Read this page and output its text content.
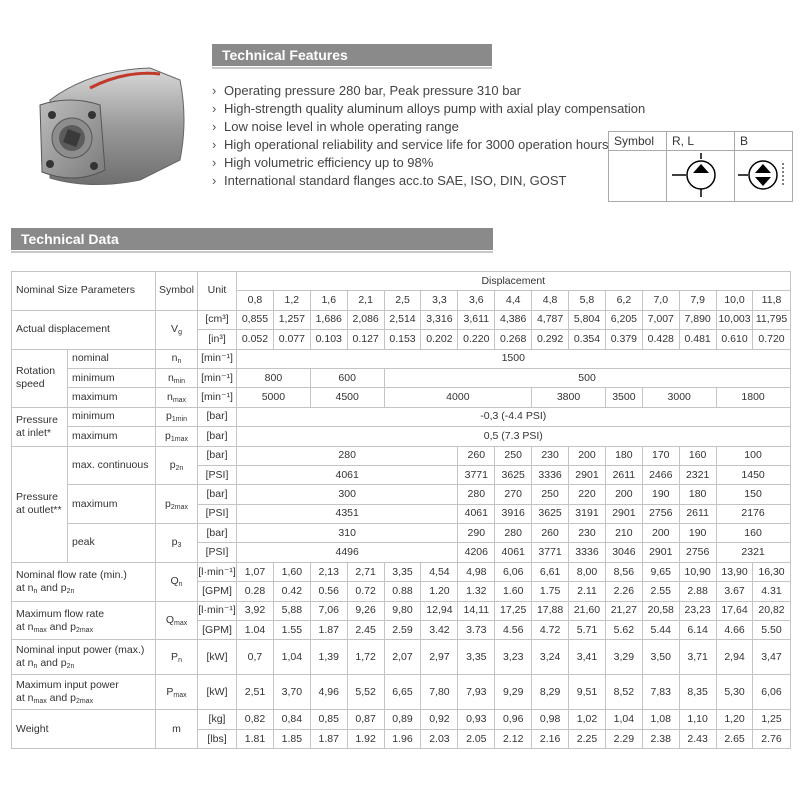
Technical Features
› Operating pressure 280 bar, Peak pressure 310 bar
› High-strength quality aluminum alloys pump with axial play compensation
› Low noise level in whole operating range
› High operational reliability and service life for 3000 operation hours
› High volumetric efficiency up to 98%
› International standard flanges acc.to SAE, ISO, DIN, GOST
Symbol	R, L	B

Technical Data
Nominal Size Parameters		Symbol	Unit	Displacement														
				0,8	1,2	1,6	2,1	2,5	3,3	3,6	4,4	4,8	5,8	6,2	7,0	7,9	10,0	11,8
Actual displacement		$V_g$	[cm³]	0,855	1,257	1,686	2,086	2,514	3,316	3,611	4,386	4,787	5,804	6,205	7,007	7,890	10,003	11,795
			[in³]	0.052	0.077	0.103	0.127	0.153	0.202	0.220	0.268	0.292	0.354	0.379	0.428	0.481	0.610	0.720
Rotation speed	nominal	$n_n$	[min⁻¹]	1500														
	minimum	$n_{min}$	[min⁻¹]	800		600		500										
	maximum	$n_{max}$	[min⁻¹]	5000		4500		4000				3800		3500	3000		1800	
Pressure at inlet*	minimum	$p_{1min}$	[bar]	-0,3 (-4.4 PSI)														
	maximum	$p_{1max}$	[bar]	0,5 (7.3 PSI)														
Pressure at outlet**	max. continuous	$p_{2n}$	[bar]	280						260	250	230	200	180	170	160	100	
			[PSI]	4061						3771	3625	3336	2901	2611	2466	2321	1450	
	maximum	$p_{2max}$	[bar]	300						280	270	250	220	200	190	180	150	
			[PSI]	4351						4061	3916	3625	3191	2901	2756	2611	2176	
	peak	$p_3$	[bar]	310						290	280	260	230	210	200	190	160	
			[PSI]	4496						4206	4061	3771	3336	3046	2901	2756	2321	
Nominal flow rate (min.)
at $n_n$ and $p_{2n}$		$Q_n$	[l·min⁻¹]	1,07	1,60	2,13	2,71	3,35	4,54	4,98	6,06	6,61	8,00	8,56	9,65	10,90	13,90	16,30
			[GPM]	0.28	0.42	0.56	0.72	0.88	1.20	1.32	1.60	1.75	2.11	2.26	2.55	2.88	3.67	4.31
Maximum flow rate
at $n_{max}$ and $p_{2max}$		$Q_{max}$	[l·min⁻¹]	3,92	5,88	7,06	9,26	9,80	12,94	14,11	17,25	17,88	21,60	21,27	20,58	23,23	17,64	20,82
			[GPM]	1.04	1.55	1.87	2.45	2.59	3.42	3.73	4.56	4.72	5.71	5.62	5.44	6.14	4.66	5.50
Nominal input power (max.)
at $n_n$ and $p_{2n}$		$P_n$	[kW]	0,7	1,04	1,39	1,72	2,07	2,97	3,35	3,23	3,24	3,41	3,29	3,50	3,71	2,94	3,47
Maximum input power
at $n_{max}$ and $p_{2max}$		$P_{max}$	[kW]	2,51	3,70	4,96	5,52	6,65	7,80	7,93	9,29	8,29	9,51	8,52	7,83	8,35	5,30	6,06
Weight		m	[kg]	0,82	0,84	0,85	0,87	0,89	0,92	0,93	0,96	0,98	1,02	1,04	1,08	1,10	1,20	1,25
			[lbs]	1.81	1.85	1.87	1.92	1.96	2.03	2.05	2.12	2.16	2.25	2.29	2.38	2.43	2.65	2.76
